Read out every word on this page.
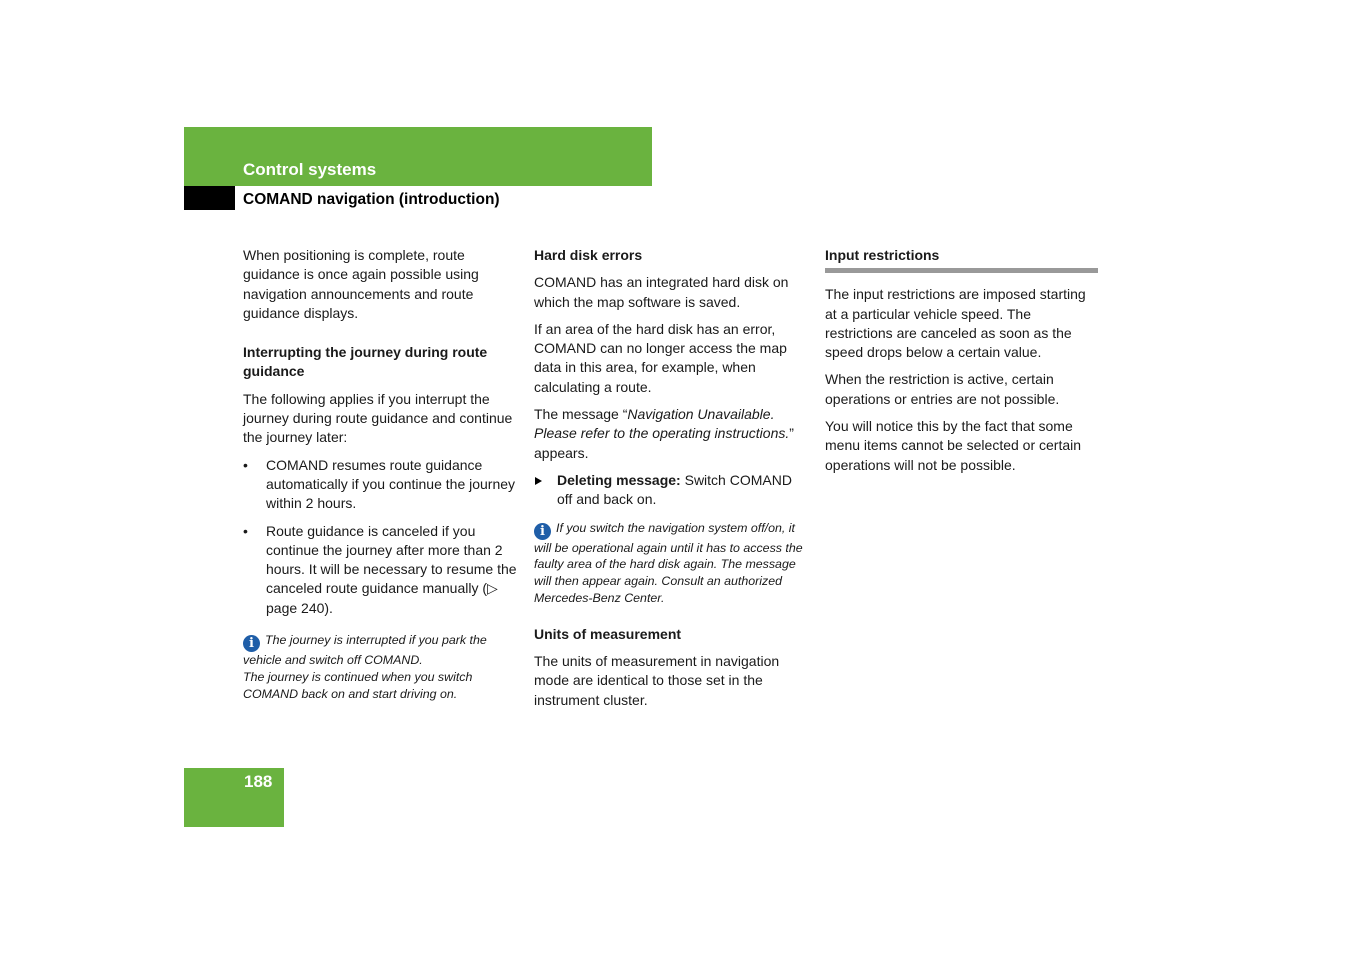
Control systems
COMAND navigation (introduction)

When positioning is complete, route guidance is once again possible using navigation announcements and route guidance displays.

Interrupting the journey during route guidance

The following applies if you interrupt the journey during route guidance and continue the journey later:

• COMAND resumes route guidance automatically if you continue the journey within 2 hours.
• Route guidance is canceled if you continue the journey after more than 2 hours. It will be necessary to resume the canceled route guidance manually (▷ page 240).
i The journey is interrupted if you park the vehicle and switch off COMAND.
The journey is continued when you switch COMAND back on and start driving on.
Hard disk errors

COMAND has an integrated hard disk on which the map software is saved.

If an area of the hard disk has an error, COMAND can no longer access the map data in this area, for example, when calculating a route.

The message “Navigation Unavailable. Please refer to the operating instructions.” appears.

Deleting message: Switch COMAND off and back on.
i If you switch the navigation system off/on, it will be operational again until it has to access the faulty area of the hard disk again. The message will then appear again. Consult an authorized Mercedes-Benz Center.
Units of measurement

The units of measurement in navigation mode are identical to those set in the instrument cluster.

Input restrictions

The input restrictions are imposed starting at a particular vehicle speed. The restrictions are canceled as soon as the speed drops below a certain value.

When the restriction is active, certain operations or entries are not possible.

You will notice this by the fact that some menu items cannot be selected or certain operations will not be possible.

188
